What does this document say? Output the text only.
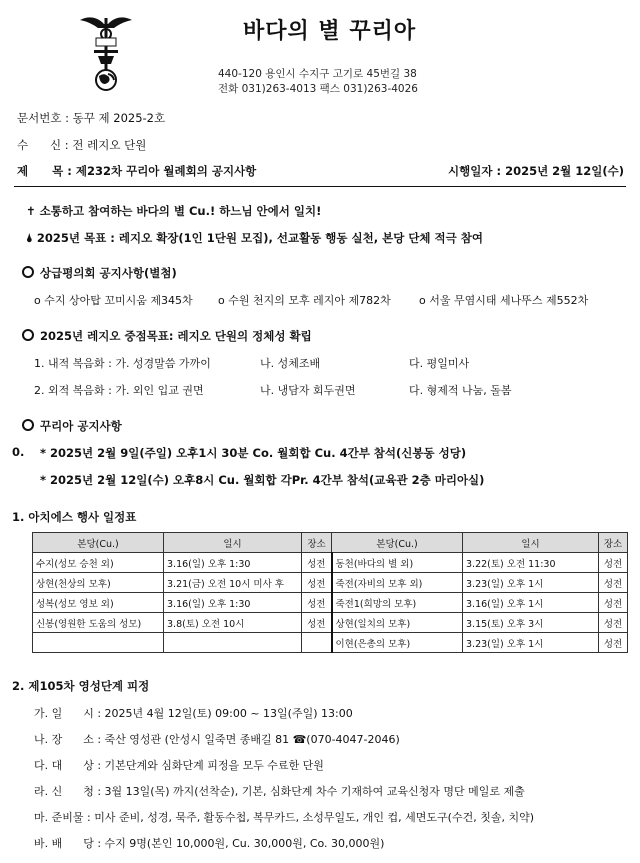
바다의 별 꾸리아
440-120 용인시 수지구 고기로 45번길 38
전화 031)263-4013 팩스 031)263-4026
문서번호 : 동꾸 제 2025-2호
수      신 : 전 레지오 단원
제      목 : 제232차 꾸리아 월례회의 공지사항	시행일자 : 2025년 2월 12일(수)
✝ 소통하고 참여하는 바다의 별 Cu.! 하느님 안에서 일치!
🌢 2025년 목표 : 레지오 확장(1인 1단원 모집), 선교활동 행동 실천, 본당 단체 적극 참여
상급평의회 공지사항(별첨)
o 수지 상아탑 꼬미시움 제345차 o 수원 천지의 모후 레지아 제782차	o 서울 무염시태 세나뚜스 제552차
2025년 레지오 중점목표: 레지오 단원의 정체성 확립
1. 내적 복음화 : 가. 성경말씀 가까이	나. 성체조배	다. 평일미사
2. 외적 복음화 : 가. 외인 입교 권면	나. 냉담자 회두권면	다. 형제적 나눔, 돌봄
꾸리아 공지사항
0. * 2025년 2월 9일(주일) 오후1시 30분 Co. 월회합 Cu. 4간부 참석(신봉동 성당)
* 2025년 2월 12일(수) 오후8시 Cu. 월회합 각Pr. 4간부 참석(교육관 2층 마리아실)
1. 아치에스 행사 일정표
본당(Cu.)	일시	장소	본당(Cu.)	일시	장소
수지(성모 승천 외)	3.16(일) 오후 1:30	성전	동천(바다의 별 외)	3.22(토) 오전 11:30	성전
상현(천상의 모후)	3.21(금) 오전 10시 미사 후	성전	죽전(자비의 모후 외)	3.23(일) 오후 1시	성전
성복(성모 영보 외)	3.16(일) 오후 1:30	성전	죽전1(희망의 모후)	3.16(일) 오후 1시	성전
신봉(영원한 도움의 성모)	3.8(토) 오전 10시	성전	상현(일치의 모후)	3.15(토) 오후 3시	성전
			이현(은총의 모후)	3.23(일) 오후 1시	성전
2. 제105차 영성단계 피정
가. 일      시 : 2025년 4월 12일(토) 09:00 ~ 13일(주일) 13:00
나. 장      소 : 죽산 영성관 (안성시 일죽면 종배길 81 ☎(070-4047-2046)
다. 대      상 : 기본단계와 심화단계 피정을 모두 수료한 단원
라. 신      청 : 3월 13일(목) 까지(선착순), 기본, 심화단계 차수 기재하여 교육신청자 명단 메일로 제출
마. 준비물 : 미사 준비, 성경, 묵주, 활동수첩, 복무카드, 소성무일도, 개인 컵, 세면도구(수건, 칫솔, 치약)
바. 배      당 : 수지 9명(본인 10,000원, Cu. 30,000원, Co. 30,000원)
